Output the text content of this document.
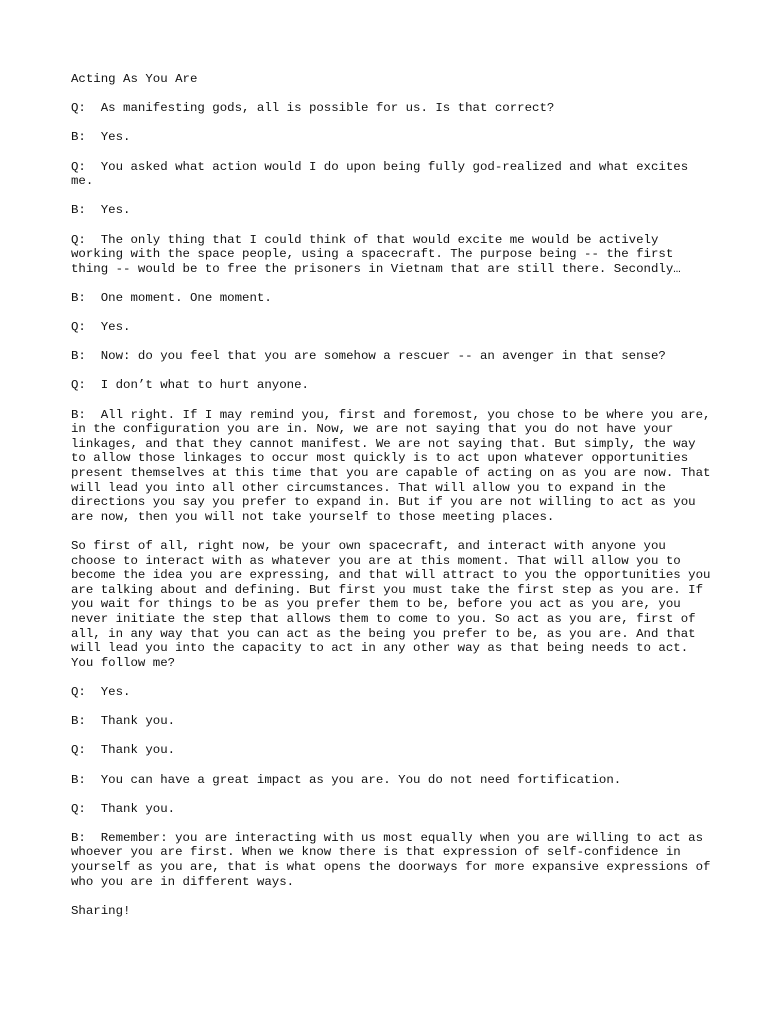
Acting As You Are

Q:  As manifesting gods, all is possible for us. Is that correct?

B:  Yes.

Q:  You asked what action would I do upon being fully god-realized and what excites me.

B:  Yes.

Q:  The only thing that I could think of that would excite me would be actively working with the space people, using a spacecraft. The purpose being -- the first thing -- would be to free the prisoners in Vietnam that are still there. Secondly…

B:  One moment. One moment.

Q:  Yes.

B:  Now: do you feel that you are somehow a rescuer -- an avenger in that sense?

Q:  I don’t what to hurt anyone.

B:  All right. If I may remind you, first and foremost, you chose to be where you are, in the configuration you are in. Now, we are not saying that you do not have your linkages, and that they cannot manifest. We are not saying that. But simply, the way to allow those linkages to occur most quickly is to act upon whatever opportunities present themselves at this time that you are capable of acting on as you are now. That will lead you into all other circumstances. That will allow you to expand in the directions you say you prefer to expand in. But if you are not willing to act as you are now, then you will not take yourself to those meeting places.

So first of all, right now, be your own spacecraft, and interact with anyone you choose to interact with as whatever you are at this moment. That will allow you to become the idea you are expressing, and that will attract to you the opportunities you are talking about and defining. But first you must take the first step as you are. If you wait for things to be as you prefer them to be, before you act as you are, you never initiate the step that allows them to come to you. So act as you are, first of all, in any way that you can act as the being you prefer to be, as you are. And that will lead you into the capacity to act in any other way as that being needs to act. You follow me?

Q:  Yes.

B:  Thank you.

Q:  Thank you.

B:  You can have a great impact as you are. You do not need fortification.

Q:  Thank you.

B:  Remember: you are interacting with us most equally when you are willing to act as whoever you are first. When we know there is that expression of self-confidence in yourself as you are, that is what opens the doorways for more expansive expressions of who you are in different ways.

Sharing!
